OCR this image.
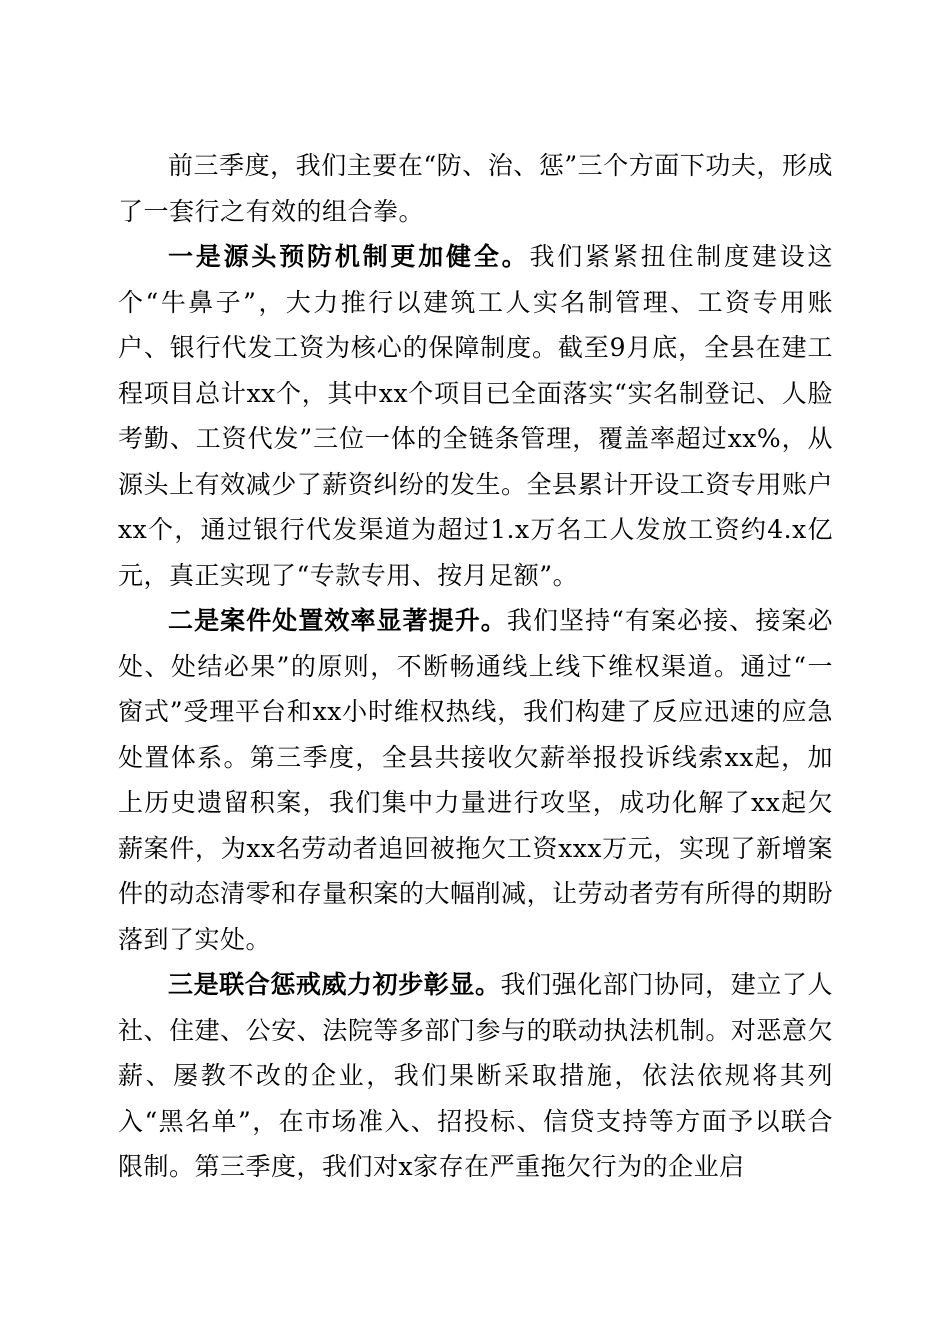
前三季度，我们主要在“防、治、惩”三个方面下功夫，形成了一套行之有效的组合拳。

一是源头预防机制更加健全。我们紧紧扭住制度建设这个“牛鼻子”，大力推行以建筑工人实名制管理、工资专用账户、银行代发工资为核心的保障制度。截至9月底，全县在建工程项目总计xx个，其中xx个项目已全面落实“实名制登记、人脸考勤、工资代发”三位一体的全链条管理，覆盖率超过xx%，从源头上有效减少了薪资纠纷的发生。全县累计开设工资专用账户xx个，通过银行代发渠道为超过1.x万名工人发放工资约4.x亿元，真正实现了“专款专用、按月足额”。

二是案件处置效率显著提升。我们坚持“有案必接、接案必处、处结必果”的原则，不断畅通线上线下维权渠道。通过“一窗式”受理平台和xx小时维权热线，我们构建了反应迅速的应急处置体系。第三季度，全县共接收欠薪举报投诉线索xx起，加上历史遗留积案，我们集中力量进行攻坚，成功化解了xx起欠薪案件，为xx名劳动者追回被拖欠工资xxx万元，实现了新增案件的动态清零和存量积案的大幅削减，让劳动者劳有所得的期盼落到了实处。

三是联合惩戒威力初步彰显。我们强化部门协同，建立了人社、住建、公安、法院等多部门参与的联动执法机制。对恶意欠薪、屡教不改的企业，我们果断采取措施，依法依规将其列入“黑名单”，在市场准入、招投标、信贷支持等方面予以联合限制。第三季度，我们对x家存在严重拖欠行为的企业启
